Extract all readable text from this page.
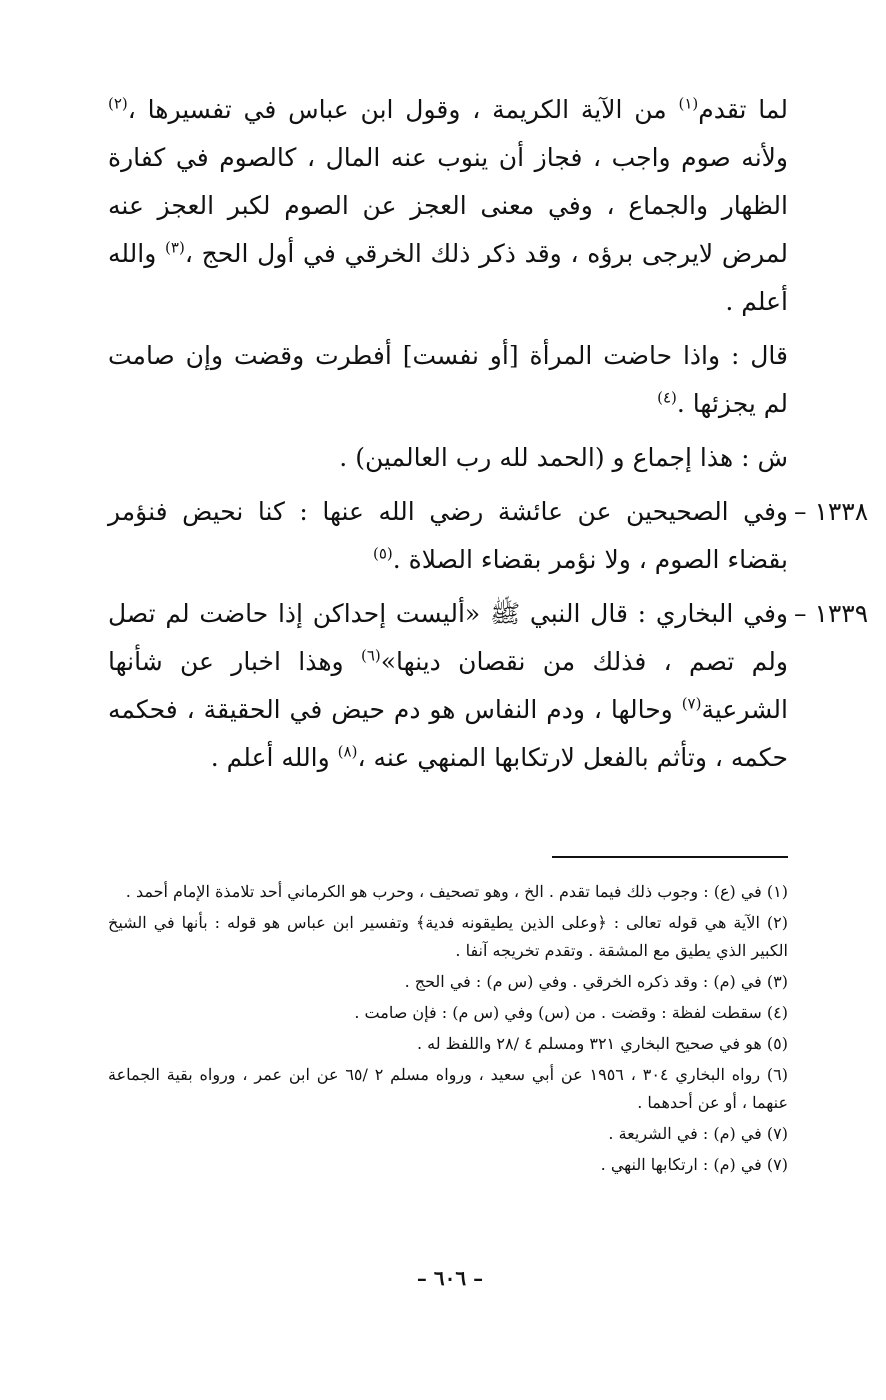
لما تقدم$^{(١)}$ من الآية الكريمة ، وقول ابن عباس في تفسيرها ،$^{(٢)}$ ولأنه صوم واجب ، فجاز أن ينوب عنه المال ، كالصوم في كفارة الظهار والجماع ، وفي معنى العجز عن الصوم لكبر العجز عنه لمرض لايرجى برؤه ، وقد ذكر ذلك الخرقي في أول الحج ،$^{(٣)}$ والله أعلم .

قال : واذا حاضت المرأة [أو نفست] أفطرت وقضت وإن صامت لم يجزئها .$^{(٤)}$

ش : هذا إجماع و (الحمد لله رب العالمين) .

١٣٣٨ –
وفي الصحيحين عن عائشة رضي الله عنها : كنا نحيض فنؤمر بقضاء الصوم ، ولا نؤمر بقضاء الصلاة .$^{(٥)}$

١٣٣٩ –
وفي البخاري : قال النبي ﷺ «أليست إحداكن إذا حاضت لم تصل ولم تصم ، فذلك من نقصان دينها»$^{(٦)}$ وهذا اخبار عن شأنها الشرعية$^{(٧)}$ وحالها ، ودم النفاس هو دم حيض في الحقيقة ، فحكمه حكمه ، وتأثم بالفعل لارتكابها المنهي عنه ،$^{(٨)}$ والله أعلم .

(١) في (ع) : وجوب ذلك فيما تقدم . الخ ، وهو تصحيف ، وحرب هو الكرماني أحد تلامذة الإمام أحمد .

(٢) الآية هي قوله تعالى : ﴿وعلى الذين يطيقونه فدية﴾ وتفسير ابن عباس هو قوله : بأنها في الشيخ الكبير الذي يطيق مع المشقة . وتقدم تخريجه آنفا .

(٣) في (م) : وقد ذكره الخرقي . وفي (س م) : في الحج .

(٤) سقطت لفظة : وقضت . من (س) وفي (س م) : فإن صامت .

(٥) هو في صحيح البخاري ٣٢١ ومسلم ٤ /٢٨ واللفظ له .

(٦) رواه البخاري ٣٠٤ ، ١٩٥٦ عن أبي سعيد ، ورواه مسلم ٢ /٦٥ عن ابن عمر ، ورواه بقية الجماعة عنهما ، أو عن أحدهما .

(٧) في (م) : في الشريعة .

(٧) في (م) : ارتكابها النهي .

– ٦٠٦ –
